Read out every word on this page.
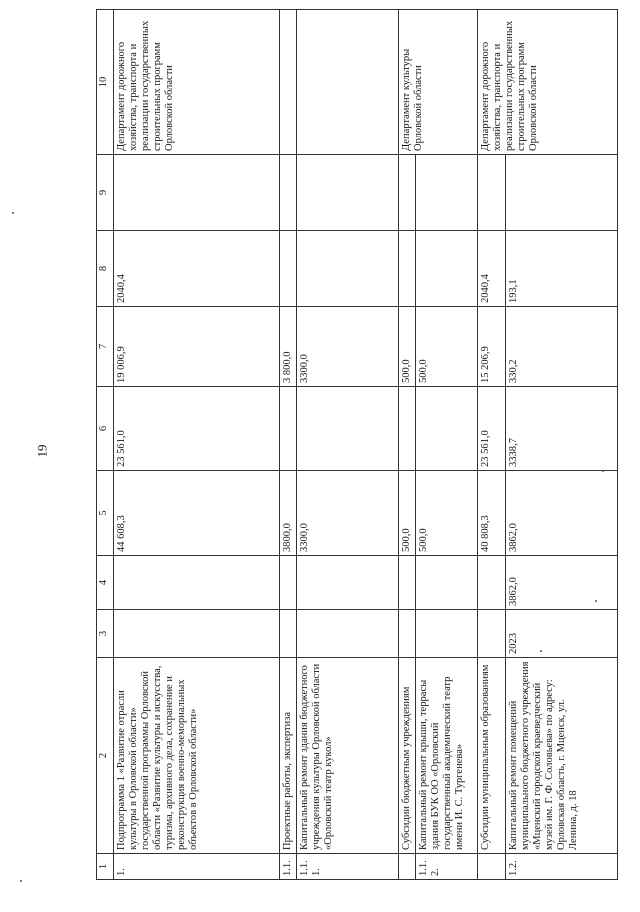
19
1	2	3	4	5	6	7	8	9	10
1.	Подпрограмма 1 «Развитие отрасли культуры в Орловской области» государственной программы Орловской области «Развитие культуры и искусства, туризма, архивного дела, сохранение и реконструкция военно-мемориальных объектов в Орловской области»			44 608,3	23 561,0	19 006,9	2040,4		Департамент дорожного хозяйства, транспорта и реализации государственных строительных программ Орловской области
1.1.	Проектные работы, экспертиза			3800,0		3 800,0			
1.1.1.	Капитальный ремонт здания бюджетного учреждения культуры Орловской области «Орловский театр кукол»			3300,0		3300,0			
	Субсидии бюджетным учреждениям			500,0		500,0			Департамент культуры Орловской области
1.1.2.	Капитальный ремонт крыши, террасы здания БУК ОО «Орловский государственный академический театр имени И. С. Тургенева»			500,0		500,0			
	Субсидии муниципальным образованиям			40 808,3	23 561,0	15 206,9	2040,4		Департамент дорожного хозяйства, транспорта и реализации государственных строительных программ Орловской области
1.2.	Капитальный ремонт помещений муниципального бюджетного учреждения «Мценский городской краеведческий музей им. Г. Ф. Соловьева» по адресу: Орловская область, г. Мценск, ул. Ленина, д. 18	2023	3862,0	3862,0	3338,7	330,2	193,1		
